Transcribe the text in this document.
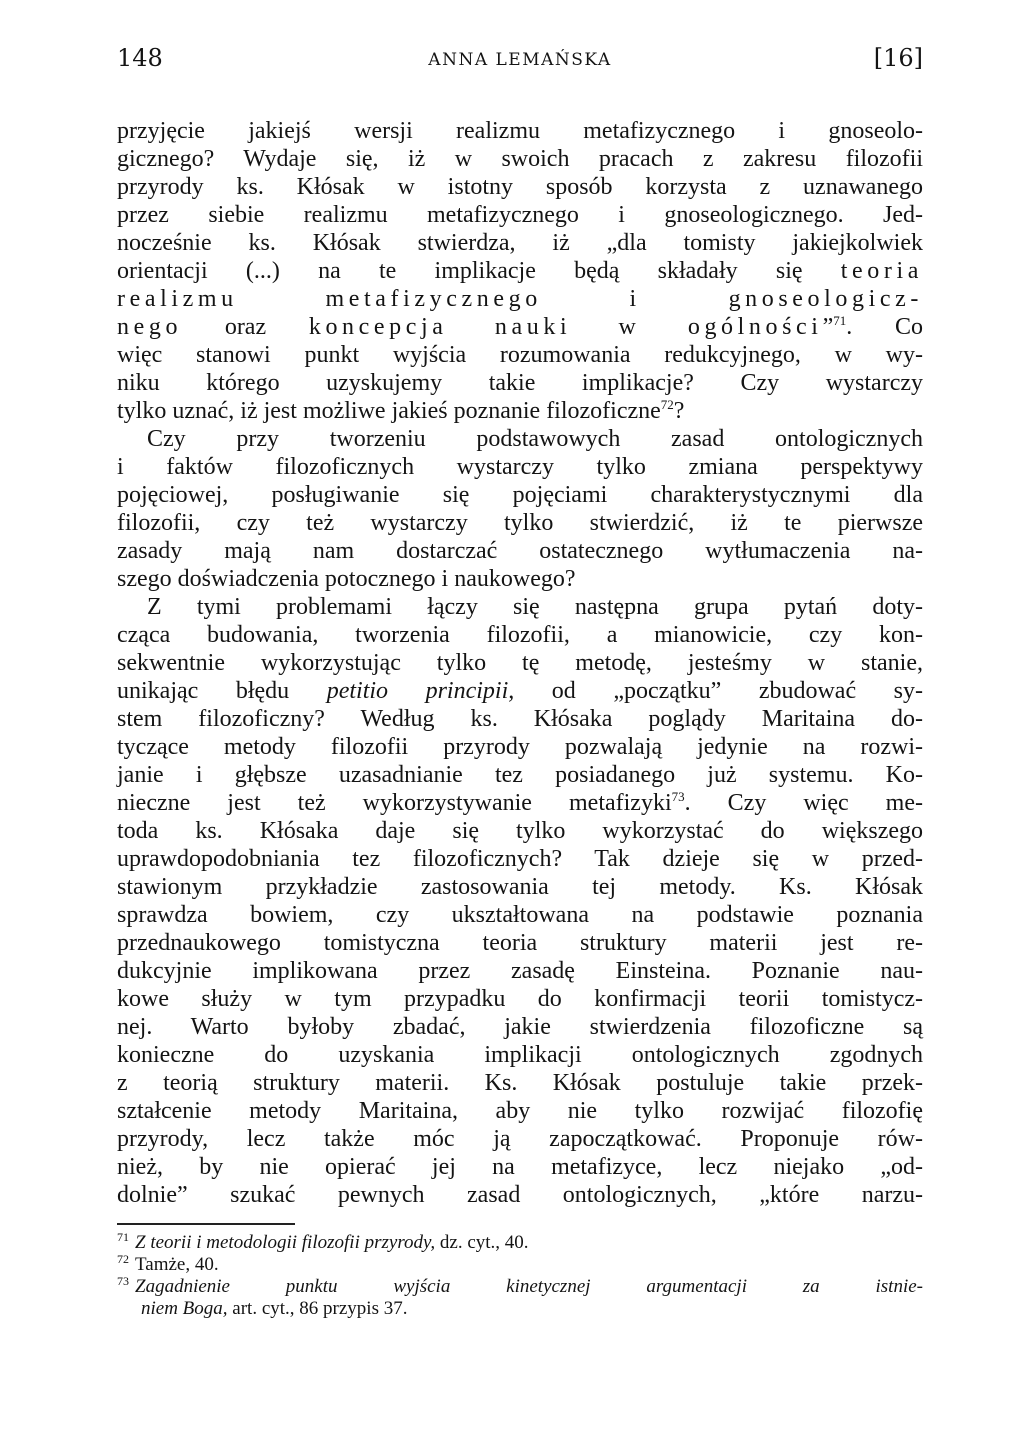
148	ANNA LEMAŃSKA	[16]
przyjęcie jakiejś wersji realizmu metafizycznego i gnoseolo-
gicznego? Wydaje się, iż w swoich pracach z zakresu filozofii
przyrody ks. Kłósak w istotny sposób korzysta z uznawanego
przez siebie realizmu metafizycznego i gnoseologicznego. Jed-
nocześnie ks. Kłósak stwierdza, iż „dla tomisty jakiejkolwiek
orientacji (...) na te implikacje będą składały się teoria
realizmu metafizycznego i gnoseologicz-
nego oraz koncepcja nauki w ogólności”$^{71}$. Co
więc stanowi punkt wyjścia rozumowania redukcyjnego, w wy-
niku którego uzyskujemy takie implikacje? Czy wystarczy
tylko uznać, iż jest możliwe jakieś poznanie filozoficzne$^{72}$?
Czy przy tworzeniu podstawowych zasad ontologicznych
i faktów filozoficznych wystarczy tylko zmiana perspektywy
pojęciowej, posługiwanie się pojęciami charakterystycznymi dla
filozofii, czy też wystarczy tylko stwierdzić, iż te pierwsze
zasady mają nam dostarczać ostatecznego wytłumaczenia na-
szego doświadczenia potocznego i naukowego?
Z tymi problemami łączy się następna grupa pytań doty-
cząca budowania, tworzenia filozofii, a mianowicie, czy kon-
sekwentnie wykorzystując tylko tę metodę, jesteśmy w stanie,
unikając błędu petitio principii, od „początku” zbudować sy-
stem filozoficzny? Według ks. Kłósaka poglądy Maritaina do-
tyczące metody filozofii przyrody pozwalają jedynie na rozwi-
janie i głębsze uzasadnianie tez posiadanego już systemu. Ko-
nieczne jest też wykorzystywanie metafizyki$^{73}$. Czy więc me-
toda ks. Kłósaka daje się tylko wykorzystać do większego
uprawdopodobniania tez filozoficznych? Tak dzieje się w przed-
stawionym przykładzie zastosowania tej metody. Ks. Kłósak
sprawdza bowiem, czy ukształtowana na podstawie poznania
przednaukowego tomistyczna teoria struktury materii jest re-
dukcyjnie implikowana przez zasadę Einsteina. Poznanie nau-
kowe służy w tym przypadku do konfirmacji teorii tomistycz-
nej. Warto byłoby zbadać, jakie stwierdzenia filozoficzne są
konieczne do uzyskania implikacji ontologicznych zgodnych
z teorią struktury materii. Ks. Kłósak postuluje takie przek-
ształcenie metody Maritaina, aby nie tylko rozwijać filozofię
przyrody, lecz także móc ją zapoczątkować. Proponuje rów-
nież, by nie opierać jej na metafizyce, lecz niejako „od-
dolnie” szukać pewnych zasad ontologicznych, „które narzu-
$^{71}$ Z teorii i metodologii filozofii przyrody, dz. cyt., 40.
$^{72}$ Tamże, 40.
$^{73}$ Zagadnienie punktu wyjścia kinetycznej argumentacji za istnie-
niem Boga, art. cyt., 86 przypis 37.
